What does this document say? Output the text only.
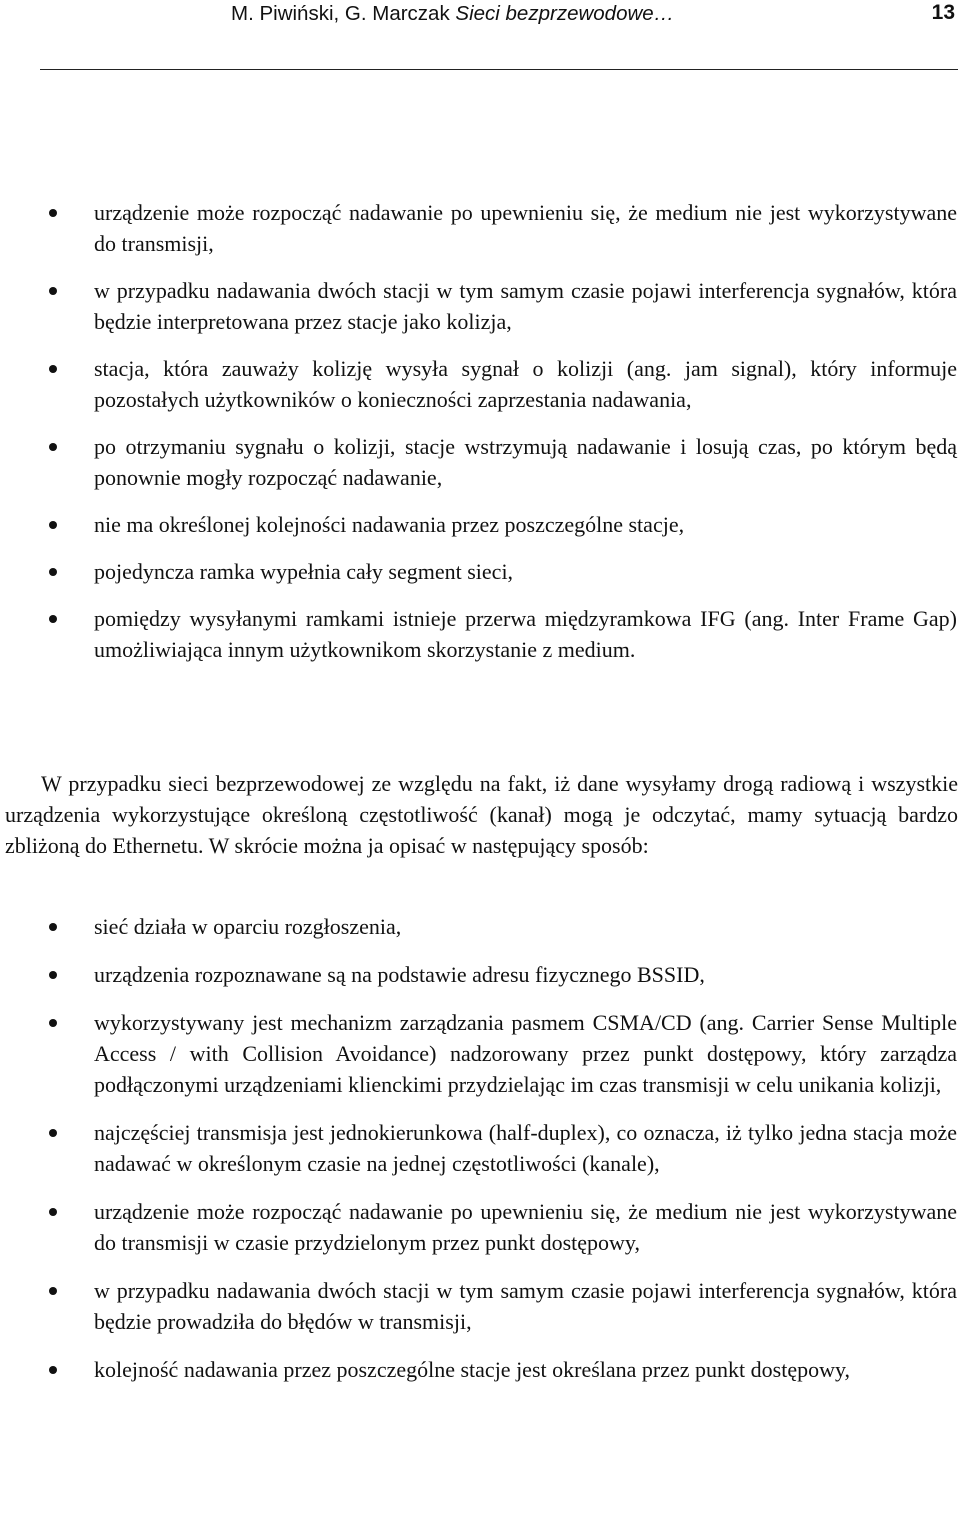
M. Piwiński, G. Marczak Sieci bezprzewodowe…	13
urządzenie może rozpocząć nadawanie po upewnieniu się, że medium nie jest wykorzystywane do transmisji,
w przypadku nadawania dwóch stacji w tym samym czasie pojawi interferencja sygnałów, która będzie interpretowana przez stacje jako kolizja,
stacja, która zauważy kolizję wysyła sygnał o kolizji (ang. jam signal), który informuje pozostałych użytkowników o konieczności zaprzestania nadawania,
po otrzymaniu sygnału o kolizji, stacje wstrzymują nadawanie i losują czas, po którym będą ponownie mogły rozpocząć nadawanie,
nie ma określonej kolejności nadawania przez poszczególne stacje,
pojedyncza ramka wypełnia cały segment sieci,
pomiędzy wysyłanymi ramkami istnieje przerwa międzyramkowa IFG (ang. Inter Frame Gap) umożliwiająca innym użytkownikom skorzystanie z medium.
W przypadku sieci bezprzewodowej ze względu na fakt, iż dane wysyłamy drogą radiową i wszystkie urządzenia wykorzystujące określoną częstotliwość (kanał) mogą je odczytać, mamy sytuacją bardzo zbliżoną do Ethernetu. W skrócie można ja opisać w następujący sposób:
sieć działa w oparciu rozgłoszenia,
urządzenia rozpoznawane są na podstawie adresu fizycznego BSSID,
wykorzystywany jest mechanizm zarządzania pasmem CSMA/CD (ang. Carrier Sense Multiple Access / with Collision Avoidance) nadzorowany przez punkt dostępowy, który zarządza podłączonymi urządzeniami klienckimi przydzielając im czas transmisji w celu unikania kolizji,
najczęściej transmisja jest jednokierunkowa (half-duplex), co oznacza, iż tylko jedna stacja może nadawać w określonym czasie na jednej częstotliwości (kanale),
urządzenie może rozpocząć nadawanie po upewnieniu się, że medium nie jest wykorzystywane do transmisji w czasie przydzielonym przez punkt dostępowy,
w przypadku nadawania dwóch stacji w tym samym czasie pojawi interferencja sygnałów, która będzie prowadziła do błędów w transmisji,
kolejność nadawania przez poszczególne stacje jest określana przez punkt dostępowy,
